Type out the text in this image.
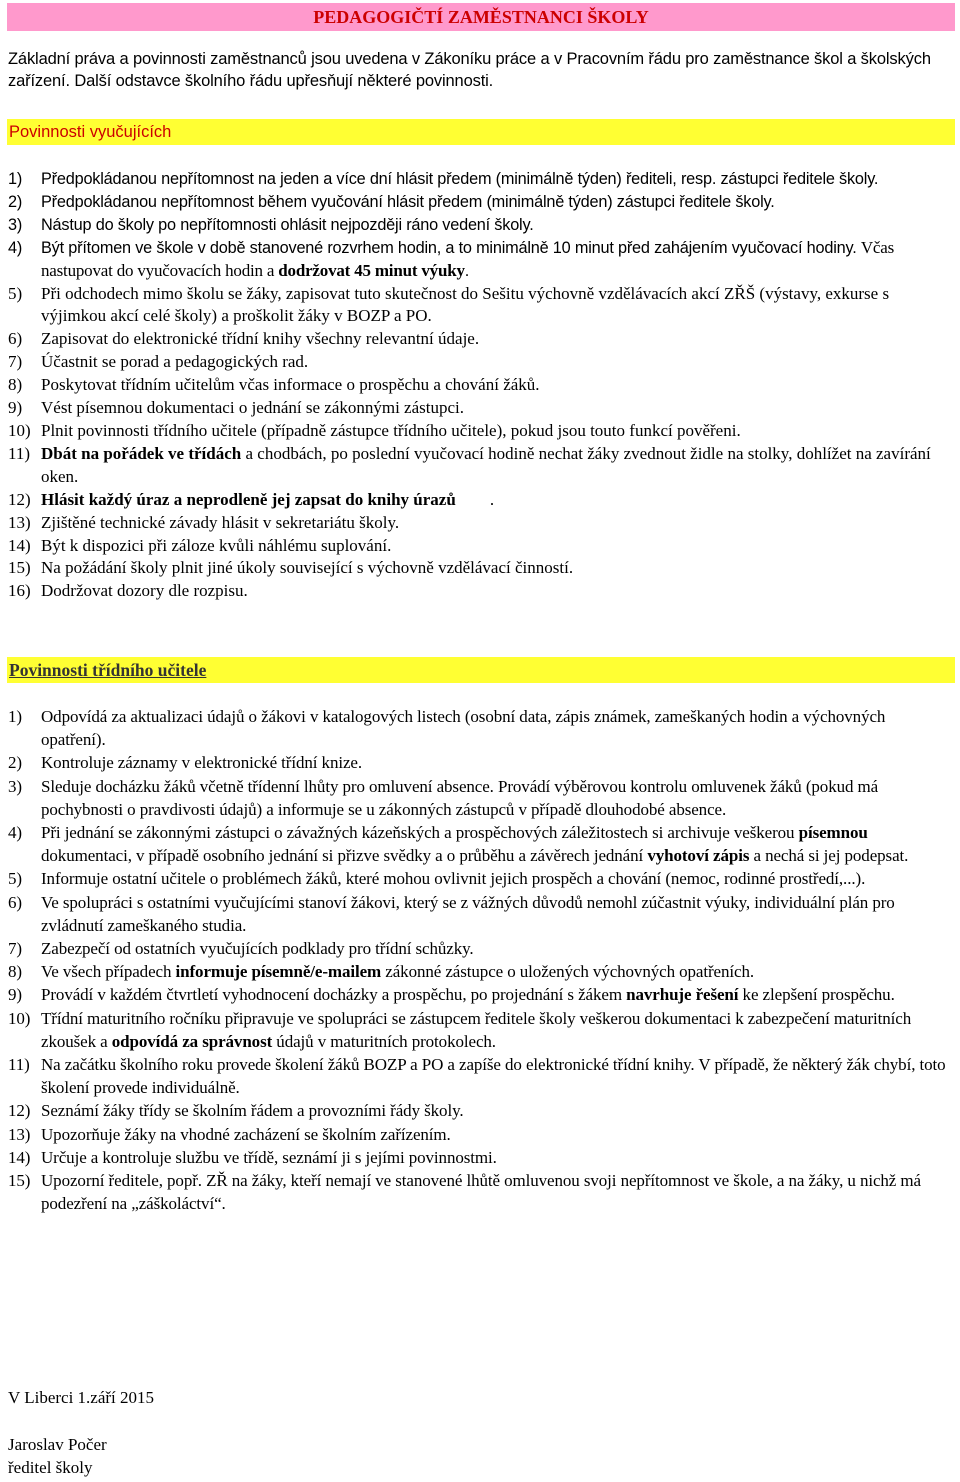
PEDAGOGIČTÍ ZAMĚSTNANCI ŠKOLY
Základní práva a povinnosti zaměstnanců jsou uvedena v Zákoníku práce a v Pracovním řádu pro zaměstnance škol a školských zařízení. Další odstavce školního řádu upřesňují některé povinnosti.
Povinnosti vyučujících
1) Předpokládanou nepřítomnost na jeden a více dní hlásit předem (minimálně týden) řediteli, resp. zástupci ředitele školy.
2) Předpokládanou nepřítomnost během vyučování hlásit předem (minimálně týden) zástupci ředitele školy.
3) Nástup do školy po nepřítomnosti ohlásit nejpozději ráno vedení školy.
4) Být přítomen ve škole v době stanovené rozvrhem hodin, a to minimálně 10 minut před zahájením vyučovací hodiny. Včas nastupovat do vyučovacích hodin a dodržovat 45 minut výuky.
5) Při odchodech mimo školu se žáky, zapisovat tuto skutečnost do Sešitu výchovně vzdělávacích akcí ZŘŠ (výstavy, exkurse s výjimkou akcí celé školy) a proškolit žáky v BOZP a PO.
6) Zapisovat do elektronické třídní knihy všechny relevantní údaje.
7) Účastnit se porad a pedagogických rad.
8) Poskytovat třídním učitelům včas informace o prospěchu a chování žáků.
9) Vést písemnou dokumentaci o jednání se zákonnými zástupci.
10) Plnit povinnosti třídního učitele (případně zástupce třídního učitele), pokud jsou touto funkcí pověřeni.
11) Dbát na pořádek ve třídách a chodbách, po poslední vyučovací hodině nechat žáky zvednout židle na stolky, dohlížet na zavírání oken.
12) Hlásit každý úraz a neprodleně jej zapsat do knihy úrazů        .
13) Zjištěné technické závady hlásit v sekretariátu školy.
14) Být k dispozici při záloze kvůli náhlému suplování.
15) Na požádání školy plnit jiné úkoly související s výchovně vzdělávací činností.
16) Dodržovat dozory dle rozpisu.
Povinnosti třídního učitele
1) Odpovídá za aktualizaci údajů o žákovi v katalogových listech (osobní data, zápis známek, zameškaných hodin a výchovných opatření).
2) Kontroluje záznamy v elektronické třídní knize.
3) Sleduje docházku žáků včetně třídenní lhůty pro omluvení absence. Provádí výběrovou kontrolu omluvenek žáků (pokud má pochybnosti o pravdivosti údajů) a informuje se u zákonných zástupců v případě dlouhodobé absence.
4) Při jednání se zákonnými zástupci o závažných kázeňských a prospěchových záležitostech si archivuje veškerou písemnou
dokumentaci, v případě osobního jednání si přizve svědky a o průběhu a závěrech jednání vyhotoví zápis a nechá si jej podepsat.
5) Informuje ostatní učitele o problémech žáků, které mohou ovlivnit jejich prospěch a chování (nemoc, rodinné prostředí,...).
6) Ve spolupráci s ostatními vyučujícími stanoví žákovi, který se z vážných důvodů nemohl zúčastnit výuky, individuální plán pro zvládnutí zameškaného studia.
7) Zabezpečí od ostatních vyučujících podklady pro třídní schůzky.
8) Ve všech případech informuje písemně/e-mailem zákonné zástupce o uložených výchovných opatřeních.
9) Provádí v každém čtvrtletí vyhodnocení docházky a prospěchu, po projednání s žákem navrhuje řešení ke zlepšení prospěchu.
10) Třídní maturitního ročníku připravuje ve spolupráci se zástupcem ředitele školy veškerou dokumentaci k zabezpečení maturitních zkoušek a odpovídá za správnost údajů v maturitních protokolech.
11) Na začátku školního roku provede školení žáků BOZP a PO a zapíše do elektronické třídní knihy. V případě, že některý žák chybí, toto školení provede individuálně.
12) Seznámí žáky třídy se školním řádem a provozními řády školy.
13) Upozorňuje žáky na vhodné zacházení se školním zařízením.
14) Určuje a kontroluje službu ve třídě, seznámí ji s jejími povinnostmi.
15) Upozorní ředitele, popř. ZŘ na žáky, kteří nemají ve stanovené lhůtě omluvenou svoji nepřítomnost ve škole, a na žáky, u nichž má podezření na „záškoláctví“.
V Liberci 1.září 2015
Jaroslav Počer
ředitel školy
